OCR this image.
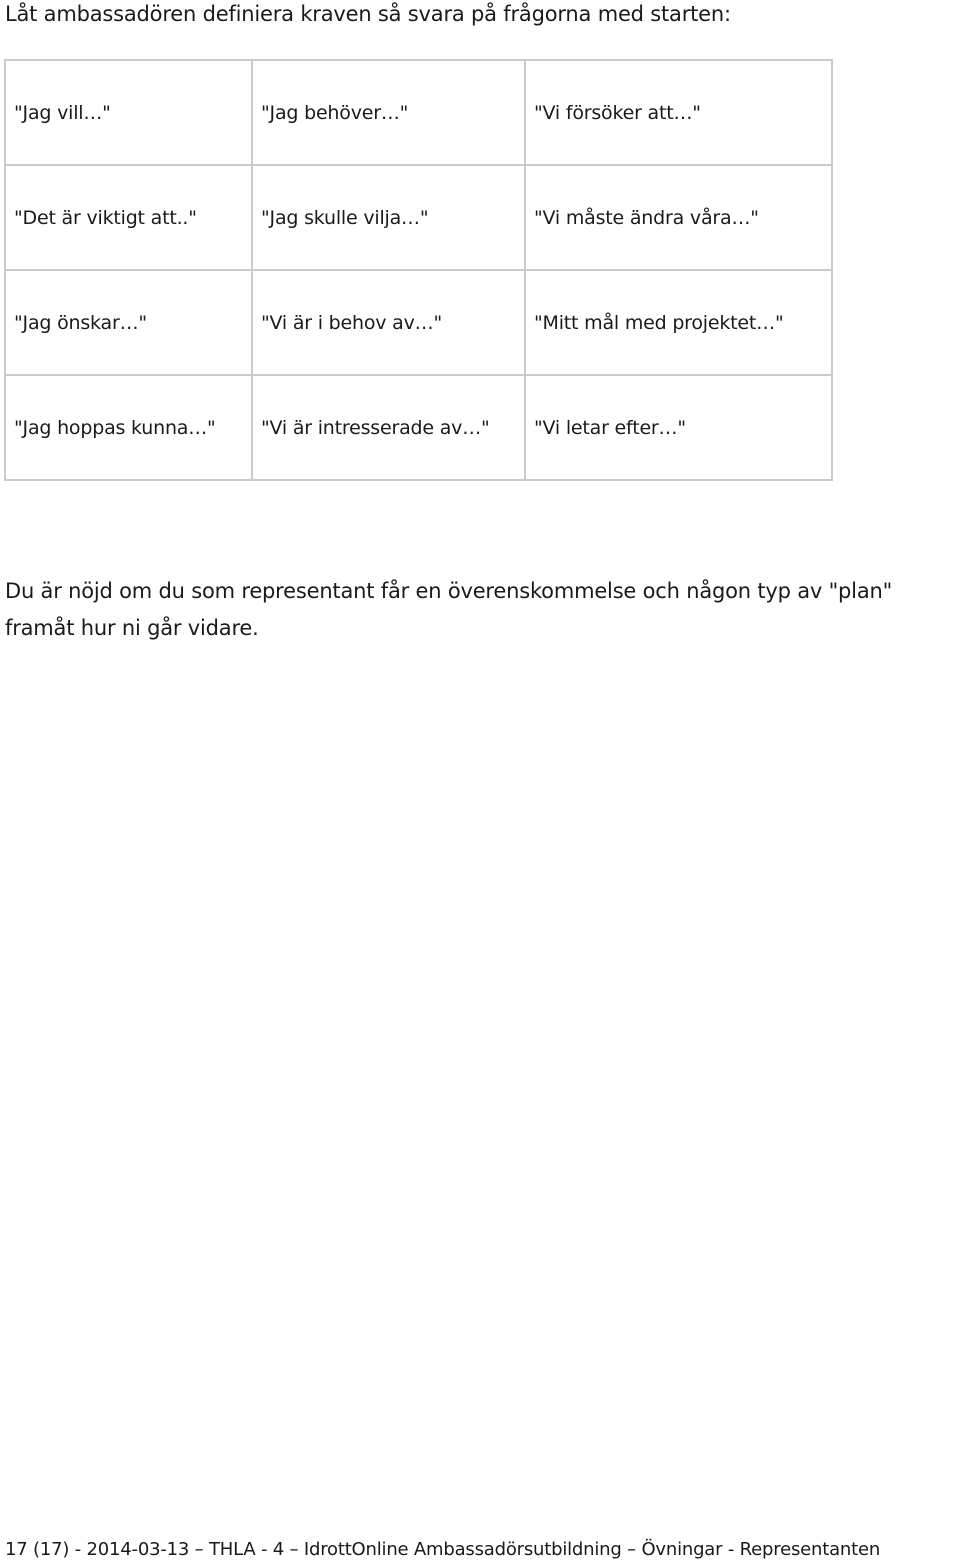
Låt ambassadören definiera kraven så svara på frågorna med starten:
"Jag vill…"	"Jag behöver…"	"Vi försöker att…"
"Det är viktigt att.."	"Jag skulle vilja…"	"Vi måste ändra våra…"
"Jag önskar…"	"Vi är i behov av…"	"Mitt mål med projektet…"
"Jag hoppas kunna…"	"Vi är intresserade av…"	"Vi letar efter…"
Du är nöjd om du som representant får en överenskommelse och någon typ av "plan" framåt hur ni går vidare.
17 (17) - 2014-03-13 – THLA - 4 – IdrottOnline Ambassadörsutbildning – Övningar - Representanten
